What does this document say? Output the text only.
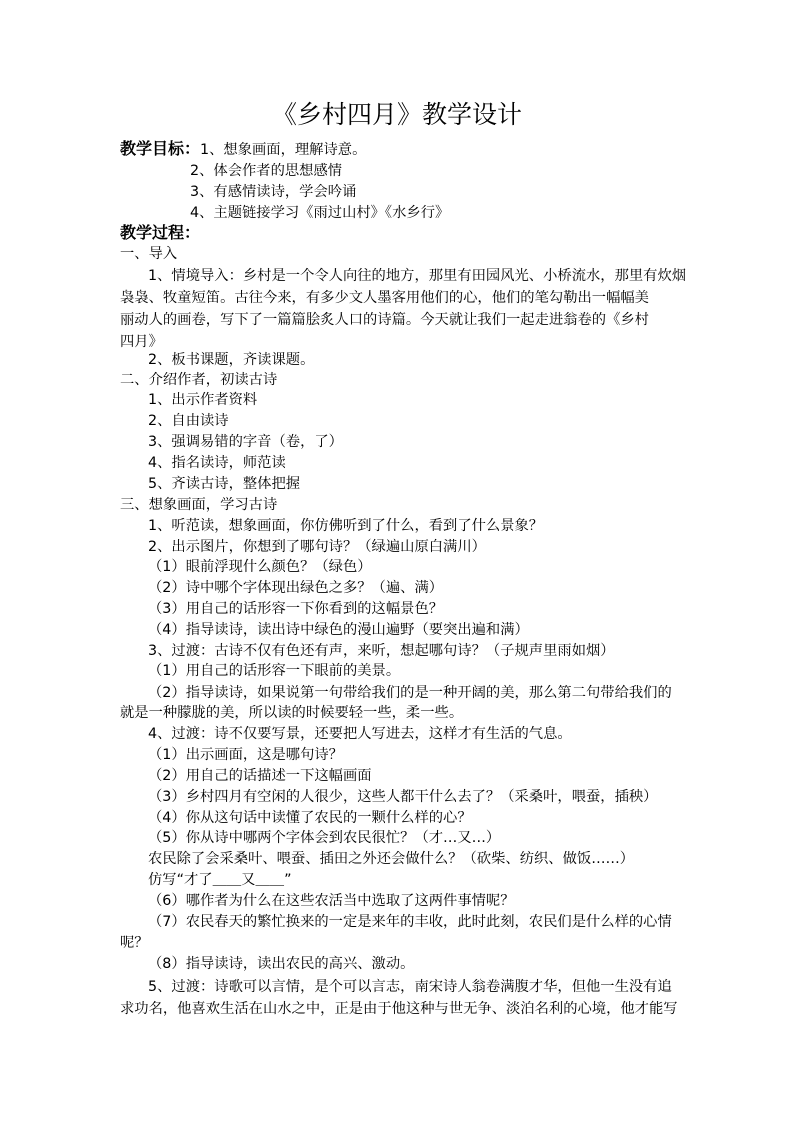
《乡村四月》教学设计
教学目标： 1、想象画面，理解诗意。
2、体会作者的思想感情
3、有感情读诗，学会吟诵
4、主题链接学习《雨过山村》《水乡行》
教学过程：
一、导入
1、情境导入：乡村是一个令人向往的地方，那里有田园风光、小桥流水，那里有炊烟
袅袅、牧童短笛。古往今来，有多少文人墨客用他们的心，他们的笔勾勒出一幅幅美
丽动人的画卷，写下了一篇篇脍炙人口的诗篇。今天就让我们一起走进翁卷的《乡村
四月》
2、板书课题，齐读课题。
二、介绍作者，初读古诗
1、出示作者资料
2、自由读诗
3、强调易错的字音（卷，了）
4、指名读诗，师范读
5、齐读古诗，整体把握
三、想象画面，学习古诗
1、听范读，想象画面，你仿佛听到了什么，看到了什么景象？
2、出示图片，你想到了哪句诗？（绿遍山原白满川）
（1）眼前浮现什么颜色？（绿色）
（2）诗中哪个字体现出绿色之多？（遍、满）
（3）用自己的话形容一下你看到的这幅景色？
（4）指导读诗，读出诗中绿色的漫山遍野（要突出遍和满）
3、过渡：古诗不仅有色还有声，来听，想起哪句诗？（子规声里雨如烟）
（1）用自己的话形容一下眼前的美景。
（2）指导读诗，如果说第一句带给我们的是一种开阔的美，那么第二句带给我们的
就是一种朦胧的美，所以读的时候要轻一些，柔一些。
4、过渡：诗不仅要写景，还要把人写进去，这样才有生活的气息。
（1）出示画面，这是哪句诗？
（2）用自己的话描述一下这幅画面
（3）乡村四月有空闲的人很少，这些人都干什么去了？（采桑叶，喂蚕，插秧）
（4）你从这句话中读懂了农民的一颗什么样的心？
（5）你从诗中哪两个字体会到农民很忙？（才…又…）
农民除了会采桑叶、喂蚕、插田之外还会做什么？（砍柴、纺织、做饭……）
仿写“才了＿＿又＿＿”
（6）哪作者为什么在这些农活当中选取了这两件事情呢？
（7）农民春天的繁忙换来的一定是来年的丰收，此时此刻，农民们是什么样的心情
呢？
（8）指导读诗，读出农民的高兴、激动。
5、过渡：诗歌可以言情，是个可以言志，南宋诗人翁卷满腹才华，但他一生没有追
求功名，他喜欢生活在山水之中，正是由于他这种与世无争、淡泊名利的心境，他才能写
